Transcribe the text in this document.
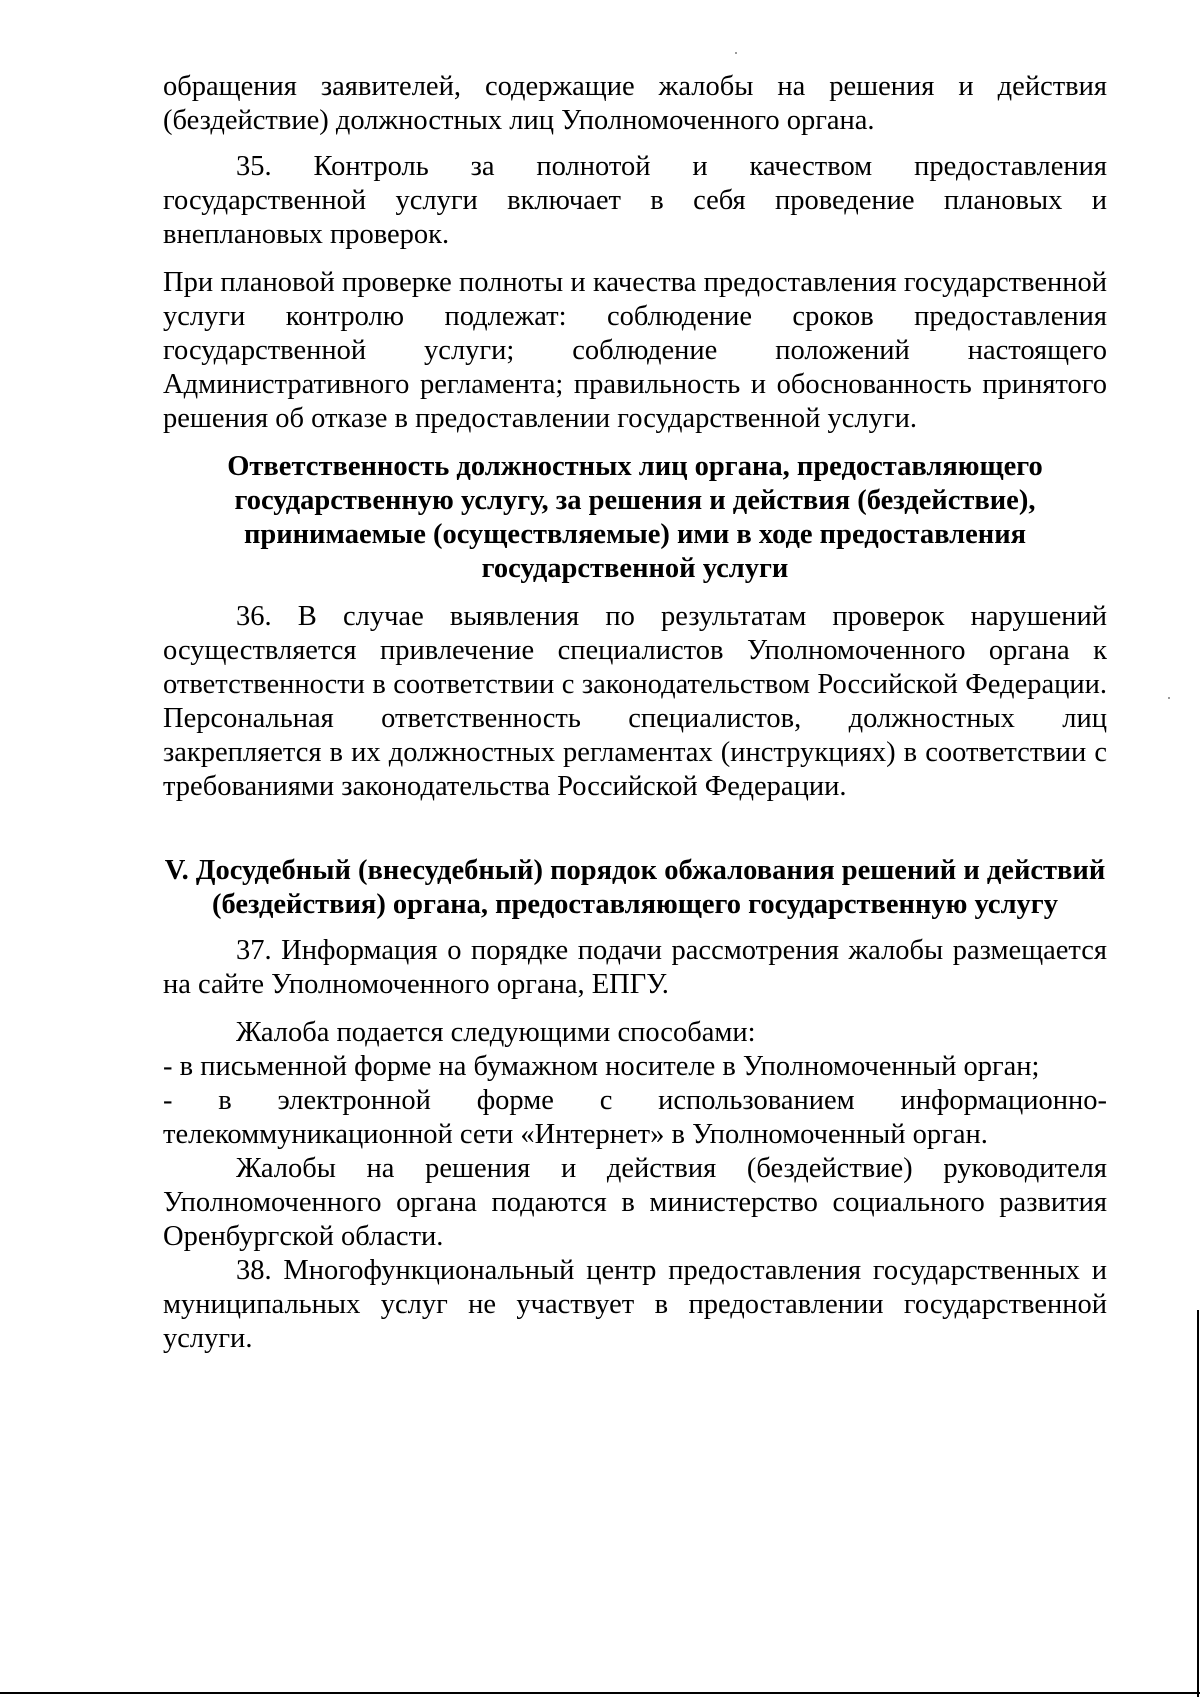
обращения заявителей, содержащие жалобы на решения и действия (бездействие) должностных лиц Уполномоченного органа.

35. Контроль за полнотой и качеством предоставления государственной услуги включает в себя проведение плановых и внеплановых проверок.

При плановой проверке полноты и качества предоставления государственной услуги контролю подлежат: соблюдение сроков предоставления государственной услуги; соблюдение положений настоящего Административного регламента; правильность и обоснованность принятого решения об отказе в предоставлении государственной услуги.

Ответственность должностных лиц органа, предоставляющего государственную услугу, за решения и действия (бездействие), принимаемые (осуществляемые) ими в ходе предоставления государственной услуги

36. В случае выявления по результатам проверок нарушений осуществляется привлечение специалистов Уполномоченного органа к ответственности в соответствии с законодательством Российской Федерации. Персональная ответственность специалистов, должностных лиц закрепляется в их должностных регламентах (инструкциях) в соответствии с требованиями законодательства Российской Федерации.

V. Досудебный (внесудебный) порядок обжалования решений и действий (бездействия) органа, предоставляющего государственную услугу

37. Информация о порядке подачи рассмотрения жалобы размещается на сайте Уполномоченного органа, ЕПГУ.

Жалоба подается следующими способами:

- в письменной форме на бумажном носителе в Уполномоченный орган;

- в электронной форме с использованием информационно-телекоммуникационной сети «Интернет» в Уполномоченный орган.

Жалобы на решения и действия (бездействие) руководителя Уполномоченного органа подаются в министерство социального развития Оренбургской области.

38. Многофункциональный центр предоставления государственных и муниципальных услуг не участвует в предоставлении государственной услуги.
